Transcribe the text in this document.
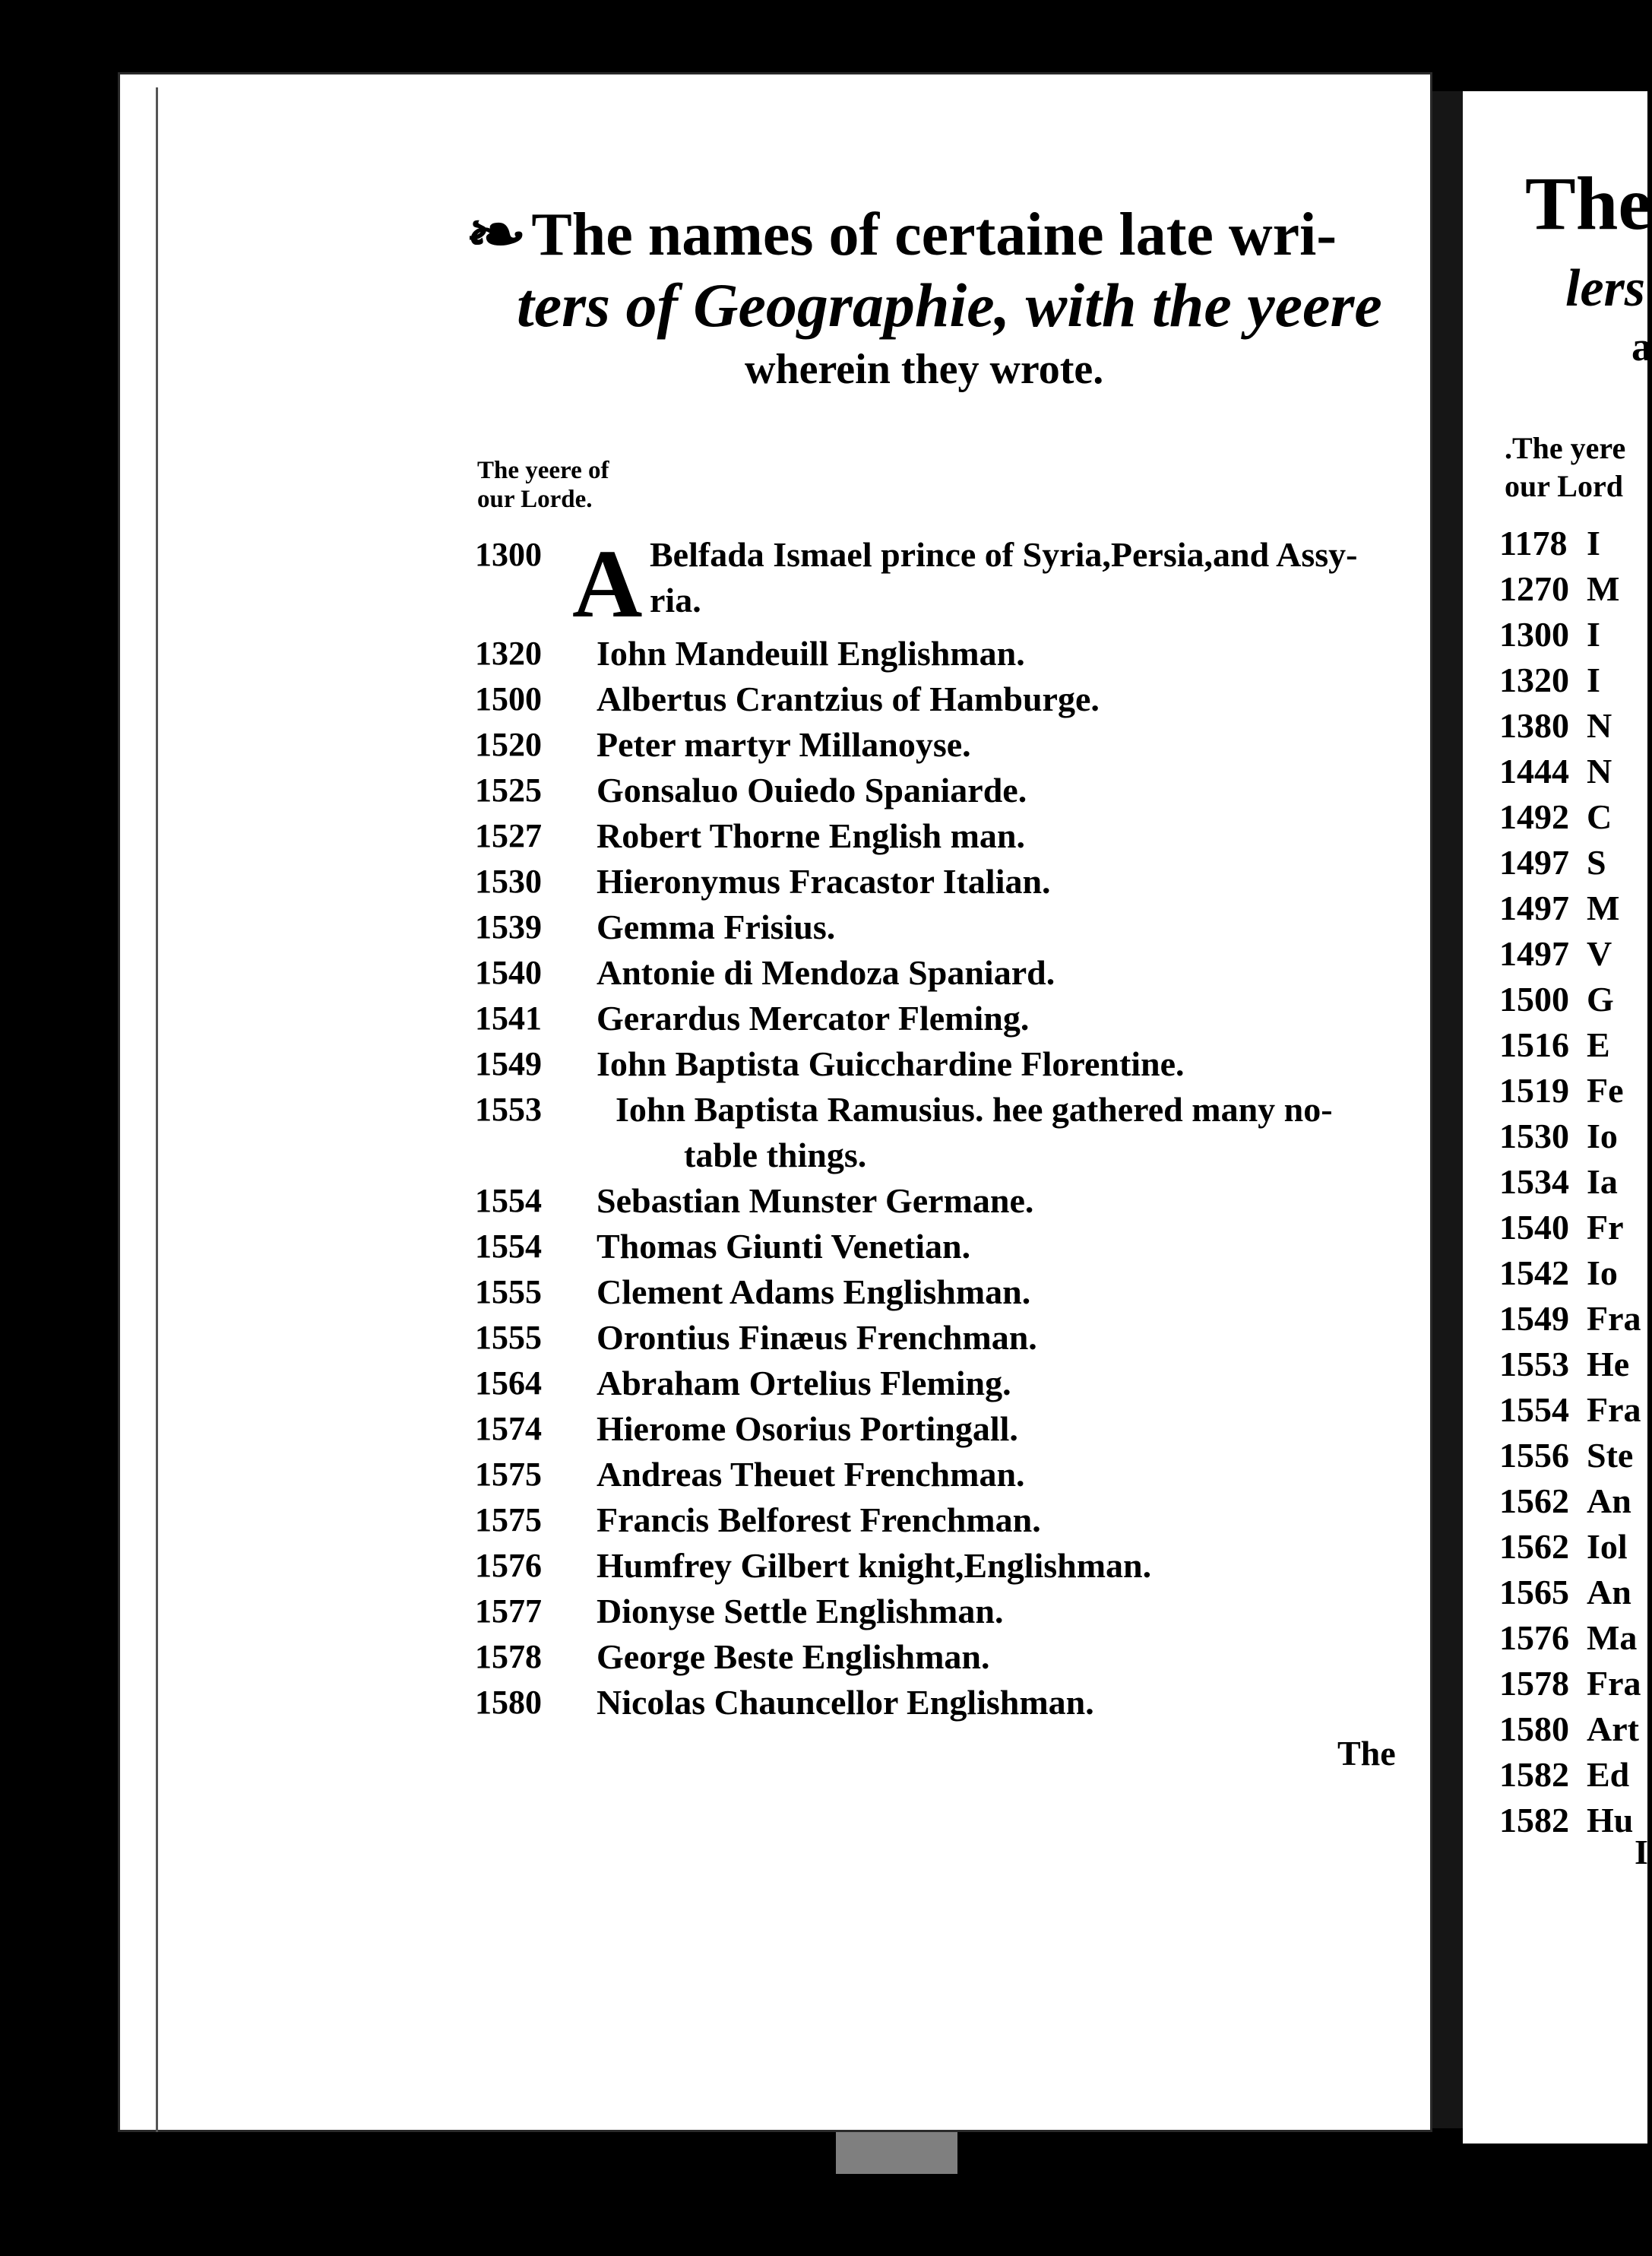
❧ The names of certaine late wri-
ters of Geographie, with the yeere
wherein they wrote.
The yeere of
our Lorde.
1300 A Belfada Ismael prince of Syria,Persia,and Assy-
ria.
1320	Iohn Mandeuill Englishman.
1500	Albertus Crantzius of Hamburge.
1520	Peter martyr Millanoyse.
1525	Gonsaluo Ouiedo Spaniarde.
1527	Robert Thorne English man.
1530	Hieronymus Fracastor Italian.
1539	Gemma Frisius.
1540	Antonie di Mendoza Spaniard.
1541	Gerardus Mercator Fleming.
1549	Iohn Baptista Guicchardine Florentine.
1553	Iohn Baptista Ramusius. hee gathered many no-
table things.
1554	Sebastian Munster Germane.
1554	Thomas Giunti Venetian.
1555	Clement Adams Englishman.
1555	Orontius Finæus Frenchman.
1564	Abraham Ortelius Fleming.
1574	Hierome Osorius Portingall.
1575	Andreas Theuet Frenchman.
1575	Francis Belforest Frenchman.
1576	Humfrey Gilbert knight,Englishman.
1577	Dionyse Settle Englishman.
1578	George Beste Englishman.
1580	Nicolas Chauncellor Englishman.
The
The
lers
a
.The yere
our Lord
1178 I
1270 M
1300 I
1320 I
1380 N
1444 N
1492 C
1497 S
1497 M
1497 V
1500 G
1516 E
1519 Fe
1530 Io
1534 Ia
1540 Fr
1542 Io
1549 Fra
1553 He
1554 Fra
1556 Ste
1562 An
1562 Iol
1565 An
1576 Ma
1578 Fra
1580 Art
1582 Ed
1582 Hu
I
